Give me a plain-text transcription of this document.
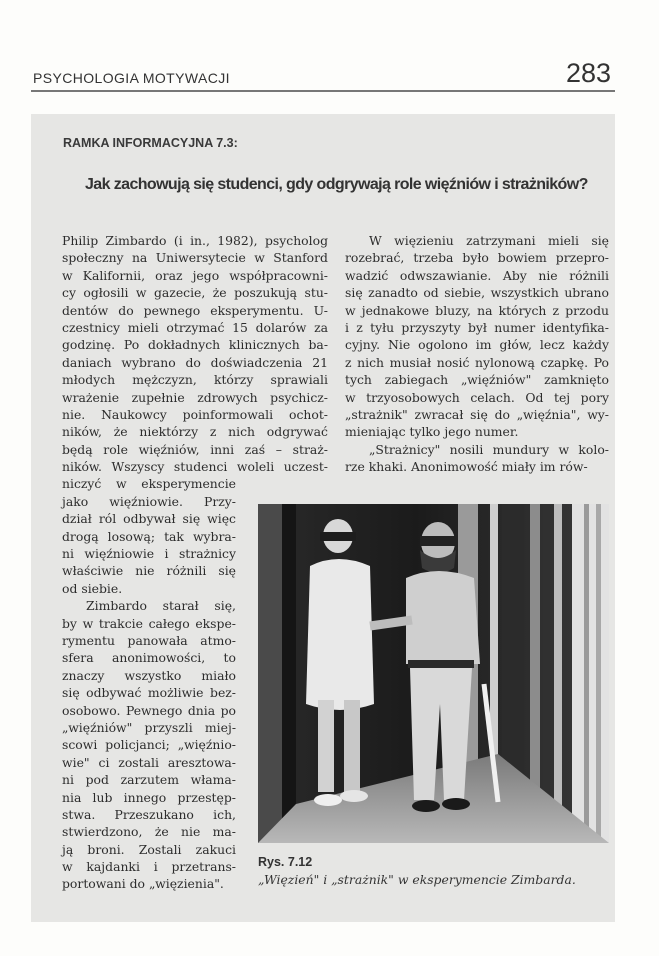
PSYCHOLOGIA MOTYWACJI	283
RAMKA INFORMACYJNA 7.3:
Jak zachowują się studenci, gdy odgrywają role więźniów i strażników?
Philip Zimbardo (i in., 1982), psycholog
społeczny na Uniwersytecie w Stanford
w Kalifornii, oraz jego współpracowni-
cy ogłosili w gazecie, że poszukują stu-
dentów do pewnego eksperymentu. U-
czestnicy mieli otrzymać 15 dolarów za
godzinę. Po dokładnych klinicznych ba-
daniach wybrano do doświadczenia 21
młodych mężczyzn, którzy sprawiali
wrażenie zupełnie zdrowych psychicz-
nie. Naukowcy poinformowali ochot-
ników, że niektórzy z nich odgrywać
będą role więźniów, inni zaś – straż-
ników. Wszyscy studenci woleli uczest-
niczyć w eksperymencie
jako więźniowie. Przy-
dział ról odbywał się więc
drogą losową; tak wybra-
ni więźniowie i strażnicy
właściwie nie różnili się
od siebie.
Zimbardo starał się,
by w trakcie całego ekspe-
rymentu panowała atmo-
sfera anonimowości, to
znaczy wszystko miało
się odbywać możliwie bez-
osobowo. Pewnego dnia po
„więźniów" przyszli miej-
scowi policjanci; „więźnio-
wie" ci zostali aresztowa-
ni pod zarzutem włama-
nia lub innego przestęp-
stwa. Przeszukano ich,
stwierdzono, że nie ma-
ją broni. Zostali zakuci
w kajdanki i przetrans-
portowani do „więzienia".
W więzieniu zatrzymani mieli się
rozebrać, trzeba było bowiem przepro-
wadzić odwszawianie. Aby nie różnili
się zanadto od siebie, wszystkich ubrano
w jednakowe bluzy, na których z przodu
i z tyłu przyszyty był numer identyfika-
cyjny. Nie ogolono im głów, lecz każdy
z nich musiał nosić nylonową czapkę. Po
tych zabiegach „więźniów" zamknięto
w trzyosobowych celach. Od tej pory
„strażnik" zwracał się do „więźnia", wy-
mieniając tylko jego numer.
„Strażnicy" nosili mundury w kolo-
rze khaki. Anonimowość miały im rów-
Rys. 7.12
„Więzień" i „strażnik" w eksperymencie Zimbarda.
